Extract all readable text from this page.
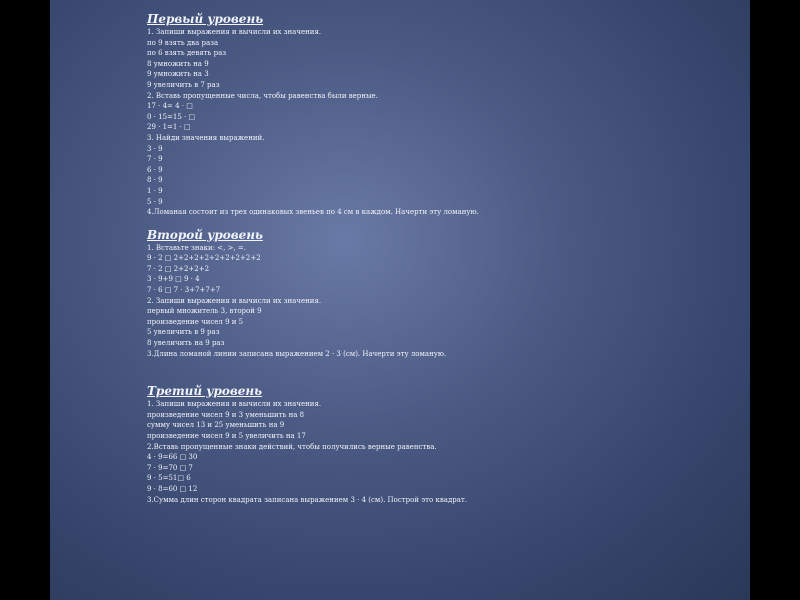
Первый уровень

1. Запиши выражения и вычисли их значения.

по 9 взять два раза

по 6 взять девять раз

8 умножить на 9

9 умножить на 3

9 увеличить в 7 раз

2. Вставь пропущенные числа, чтобы равенства были верные.

17 · 4= 4 · □

0 · 15=15 · □

29 · 1=1 · □

3. Найди значения выражений.

3 · 9

7 · 9

6 · 9

8 · 9

1 · 9

5 · 9

4.Ломаная состоит из трех одинаковых звеньев по 4 см в каждом. Начерти эту ломаную.

Второй уровень

1. Вставьте знаки: <, >, =.

9 · 2 □ 2+2+2+2+2+2+2+2+2

7 · 2 □ 2+2+2+2

3 · 9+9 □ 9 · 4

7 · 6 □ 7 · 3+7+7+7

2. Запиши выражения и вычисли их значения.

первый множитель 3, второй 9

произведение чисел 9 и 5

5 увеличить в 9 раз

8 увеличить на 9 раз

3.Длина ломаной линии записана выражением 2 · 3 (см). Начерти эту ломаную.

Третий уровень

1. Запиши выражения и вычисли их значения.

произведение чисел 9 и 3 уменьшить на 8

сумму чисел 13 и 25 уменьшить на 9

произведение чисел 9 и 5 увеличить на 17

2.Вставь пропущенные знаки действий, чтобы получились верные равенства.

4 · 9=66 □ 30

7 · 9=70 □ 7

9 · 5=51□ 6

9 · 8=60 □ 12

3.Сумма длин сторон квадрата записана выражением 3 · 4 (см). Построй это квадрат.
